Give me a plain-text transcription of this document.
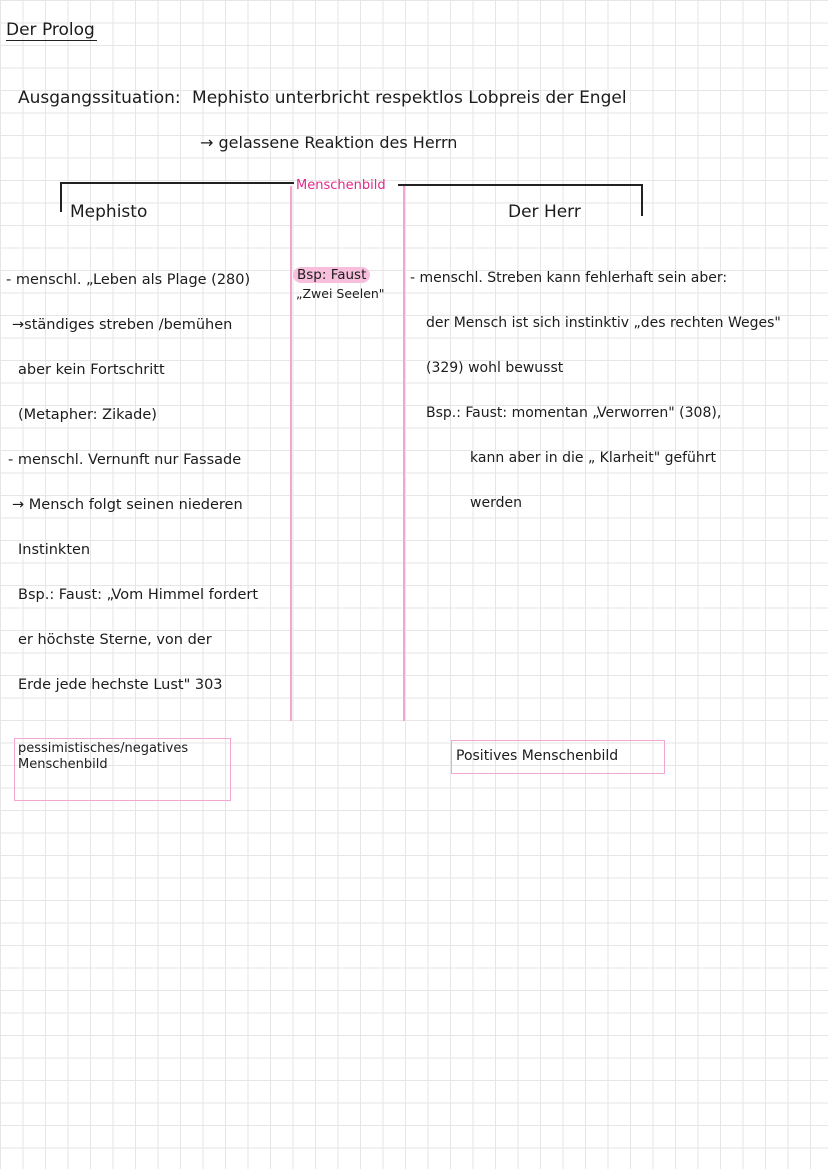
Der Prolog
Ausgangssituation: Mephisto unterbricht respektlos Lobpreis der Engel
→ gelassene Reaktion des Herrn
Menschenbild
Mephisto	Der Herr
Bsp: Faust
„Zwei Seelen"
- menschl. „Leben als Plage (280)
→ständiges streben /bemühen
aber kein Fortschritt
(Metapher: Zikade)
- menschl. Vernunft nur Fassade
→ Mensch folgt seinen niederen
Instinkten
Bsp.: Faust: „Vom Himmel fordert
er höchste Sterne, von der
Erde jede hechste Lust" 303
- menschl. Streben kann fehlerhaft sein aber:
der Mensch ist sich instinktiv „des rechten Weges"
(329) wohl bewusst
Bsp.: Faust: momentan „Verworren" (308),
kann aber in die „ Klarheit" geführt
werden
pessimistisches/negatives
Menschenbild
Positives Menschenbild
